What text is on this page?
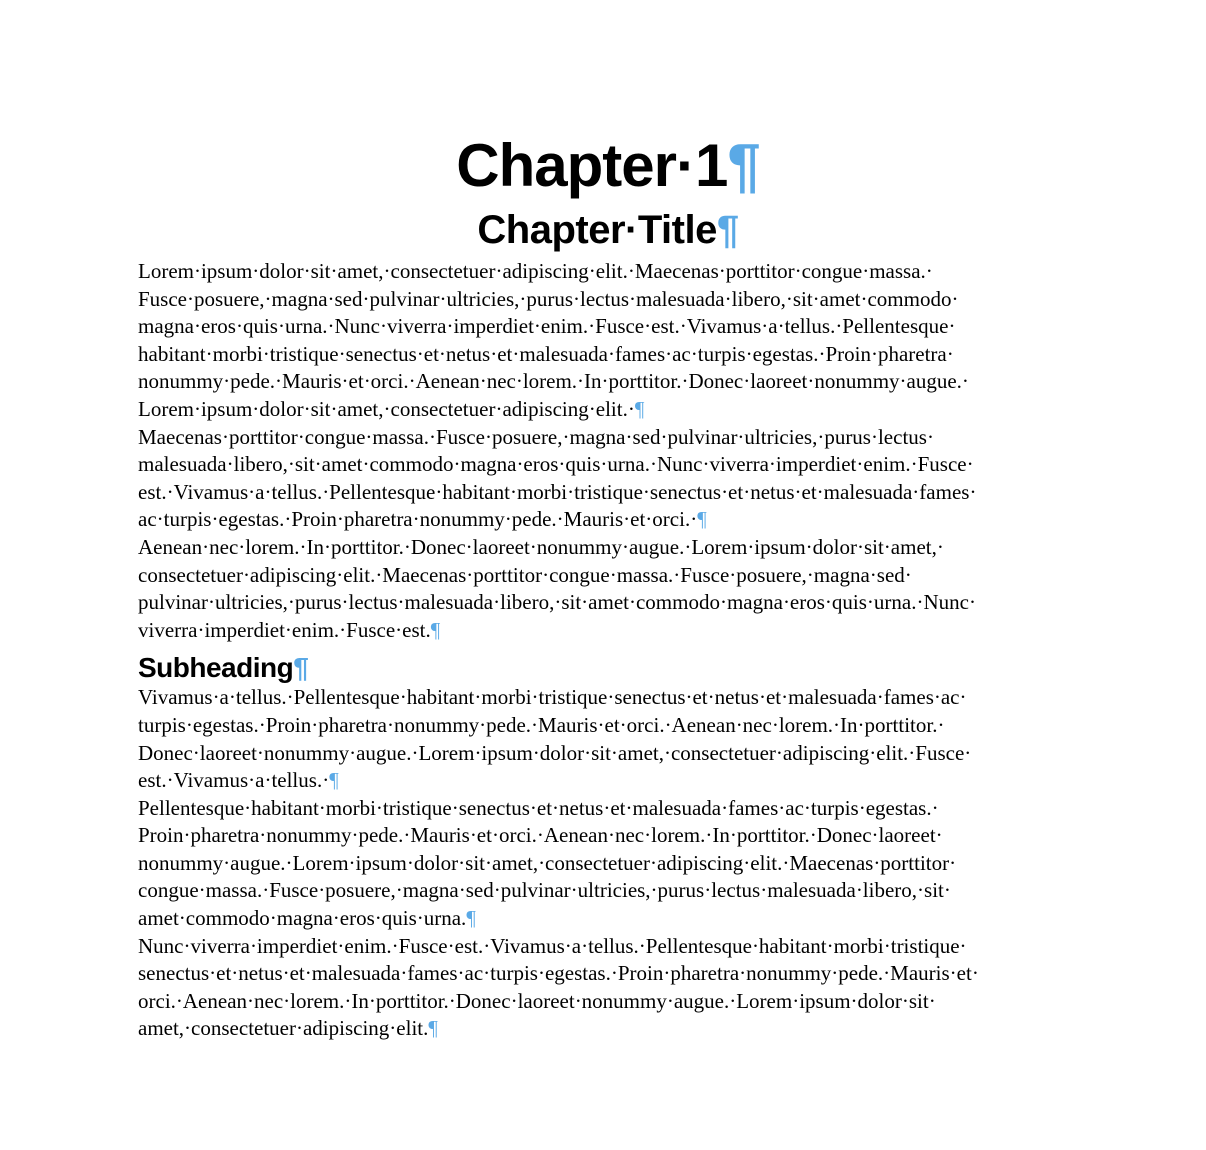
Chapter·1¶
Chapter·Title¶

Lorem·ipsum·dolor·sit·amet,·consectetuer·adipiscing·elit.·Maecenas·porttitor·congue·massa.· Fusce·posuere,·magna·sed·pulvinar·ultricies,·purus·lectus·malesuada·libero,·sit·amet·commodo· magna·eros·quis·urna.·Nunc·viverra·imperdiet·enim.·Fusce·est.·Vivamus·a·tellus.·Pellentesque· habitant·morbi·tristique·senectus·et·netus·et·malesuada·fames·ac·turpis·egestas.·Proin·pharetra· nonummy·pede.·Mauris·et·orci.·Aenean·nec·lorem.·In·porttitor.·Donec·laoreet·nonummy·augue.· Lorem·ipsum·dolor·sit·amet,·consectetuer·adipiscing·elit.·¶

Maecenas·porttitor·congue·massa.·Fusce·posuere,·magna·sed·pulvinar·ultricies,·purus·lectus· malesuada·libero,·sit·amet·commodo·magna·eros·quis·urna.·Nunc·viverra·imperdiet·enim.·Fusce· est.·Vivamus·a·tellus.·Pellentesque·habitant·morbi·tristique·senectus·et·netus·et·malesuada·fames· ac·turpis·egestas.·Proin·pharetra·nonummy·pede.·Mauris·et·orci.·¶

Aenean·nec·lorem.·In·porttitor.·Donec·laoreet·nonummy·augue.·Lorem·ipsum·dolor·sit·amet,· consectetuer·adipiscing·elit.·Maecenas·porttitor·congue·massa.·Fusce·posuere,·magna·sed· pulvinar·ultricies,·purus·lectus·malesuada·libero,·sit·amet·commodo·magna·eros·quis·urna.·Nunc· viverra·imperdiet·enim.·Fusce·est.¶

Subheading¶

Vivamus·a·tellus.·Pellentesque·habitant·morbi·tristique·senectus·et·netus·et·malesuada·fames·ac· turpis·egestas.·Proin·pharetra·nonummy·pede.·Mauris·et·orci.·Aenean·nec·lorem.·In·porttitor.· Donec·laoreet·nonummy·augue.·Lorem·ipsum·dolor·sit·amet,·consectetuer·adipiscing·elit.·Fusce· est.·Vivamus·a·tellus.·¶

Pellentesque·habitant·morbi·tristique·senectus·et·netus·et·malesuada·fames·ac·turpis·egestas.· Proin·pharetra·nonummy·pede.·Mauris·et·orci.·Aenean·nec·lorem.·In·porttitor.·Donec·laoreet· nonummy·augue.·Lorem·ipsum·dolor·sit·amet,·consectetuer·adipiscing·elit.·Maecenas·porttitor· congue·massa.·Fusce·posuere,·magna·sed·pulvinar·ultricies,·purus·lectus·malesuada·libero,·sit· amet·commodo·magna·eros·quis·urna.¶

Nunc·viverra·imperdiet·enim.·Fusce·est.·Vivamus·a·tellus.·Pellentesque·habitant·morbi·tristique· senectus·et·netus·et·malesuada·fames·ac·turpis·egestas.·Proin·pharetra·nonummy·pede.·Mauris·et· orci.·Aenean·nec·lorem.·In·porttitor.·Donec·laoreet·nonummy·augue.·Lorem·ipsum·dolor·sit· amet,·consectetuer·adipiscing·elit.¶
